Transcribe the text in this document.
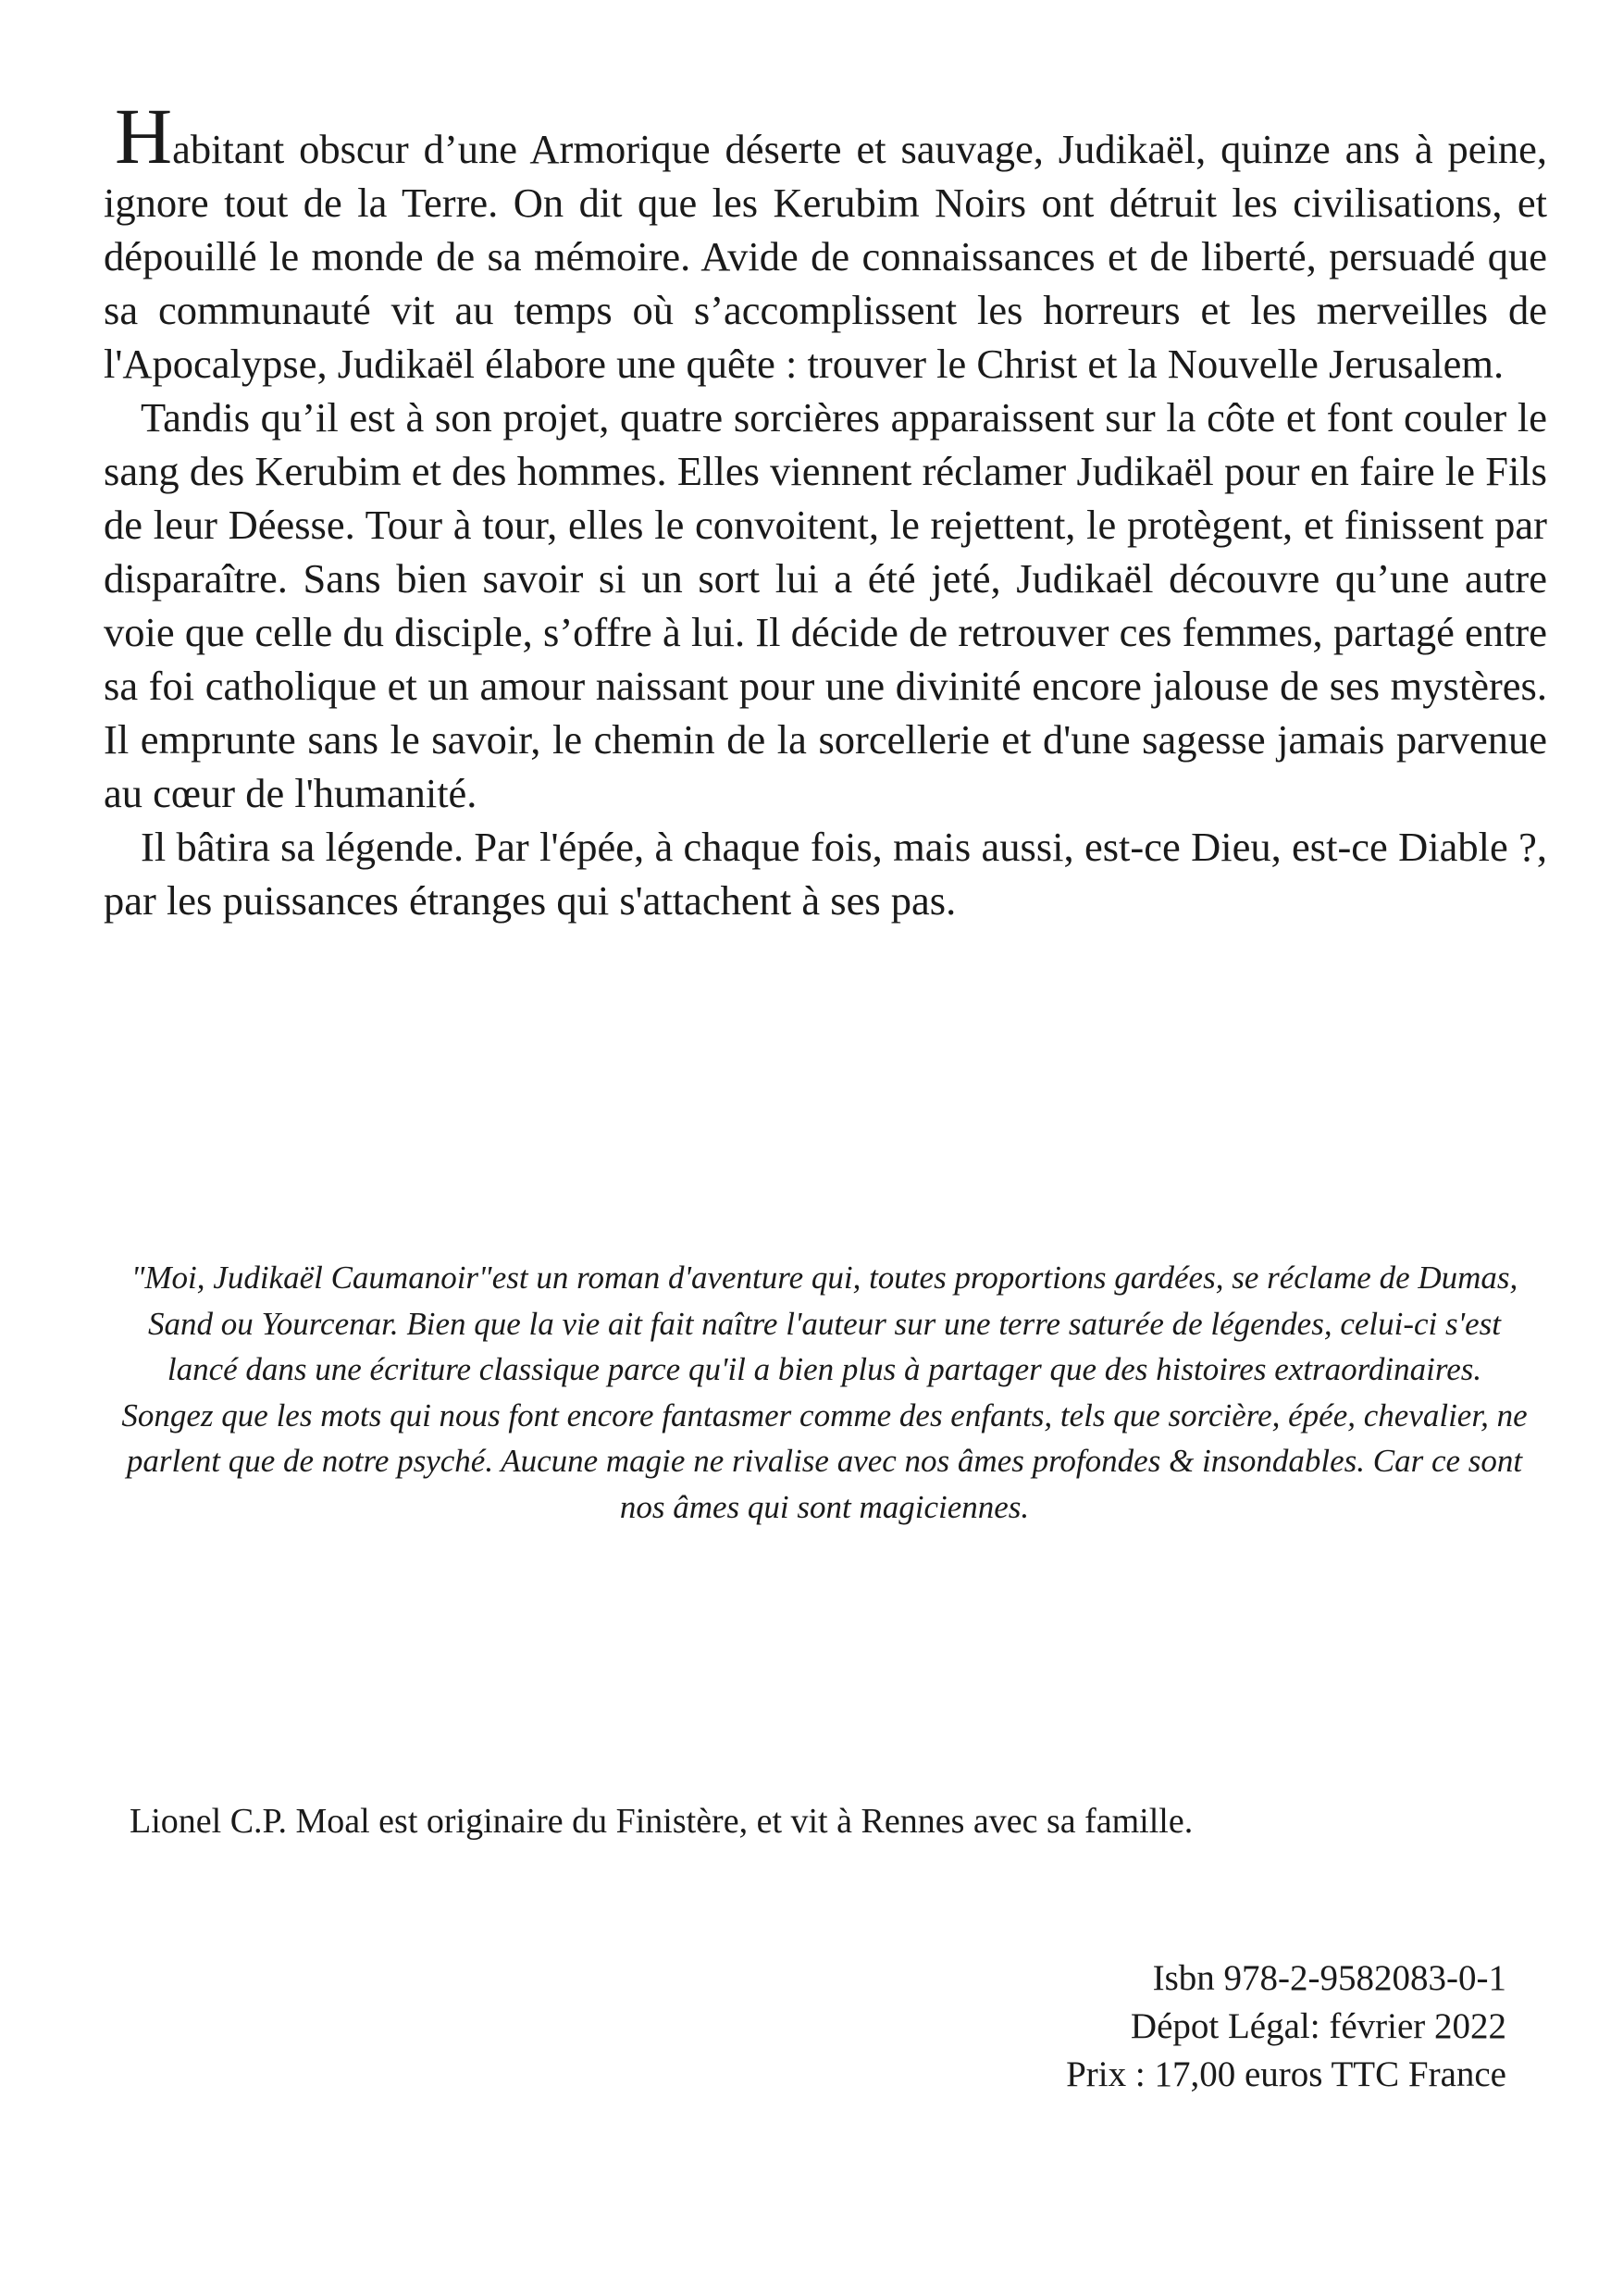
Habitant obscur d’une Armorique déserte et sauvage, Judikaël, quinze ans à peine, ignore tout de la Terre. On dit que les Kerubim Noirs ont détruit les civilisations, et dépouillé le monde de sa mémoire. Avide de connaissances et de liberté, persuadé que sa communauté vit au temps où s’accomplissent les horreurs et les merveilles de l'Apocalypse, Judikaël élabore une quête : trouver le Christ et la Nouvelle Jerusalem.

Tandis qu’il est à son projet, quatre sorcières apparaissent sur la côte et font couler le sang des Kerubim et des hommes. Elles viennent réclamer Judikaël pour en faire le Fils de leur Déesse. Tour à tour, elles le convoitent, le rejettent, le protègent, et finissent par disparaître. Sans bien savoir si un sort lui a été jeté, Judikaël découvre qu’une autre voie que celle du disciple, s’offre à lui. Il décide de retrouver ces femmes, partagé entre sa foi catholique et un amour naissant pour une divinité encore jalouse de ses mystères. Il emprunte sans le savoir, le chemin de la sorcellerie et d'une sagesse jamais parvenue au cœur de l'humanité.

Il bâtira sa légende. Par l'épée, à chaque fois, mais aussi, est-ce Dieu, est-ce Diable ?, par les puissances étranges qui s'attachent à ses pas.

"Moi, Judikaël Caumanoir"est un roman d'aventure qui, toutes proportions gardées, se réclame de Dumas, Sand ou Yourcenar. Bien que la vie ait fait naître l'auteur sur une terre saturée de légendes, celui-ci s'est lancé dans une écriture classique parce qu'il a bien plus à partager que des histoires extraordinaires.

Songez que les mots qui nous font encore fantasmer comme des enfants, tels que sorcière, épée, chevalier, ne parlent que de notre psyché. Aucune magie ne rivalise avec nos âmes profondes & insondables. Car ce sont nos âmes qui sont magiciennes.

Lionel C.P. Moal est originaire du Finistère, et vit à Rennes avec sa famille.

Isbn 978-2-9582083-0-1
Dépot Légal: février 2022
Prix : 17,00 euros TTC France
